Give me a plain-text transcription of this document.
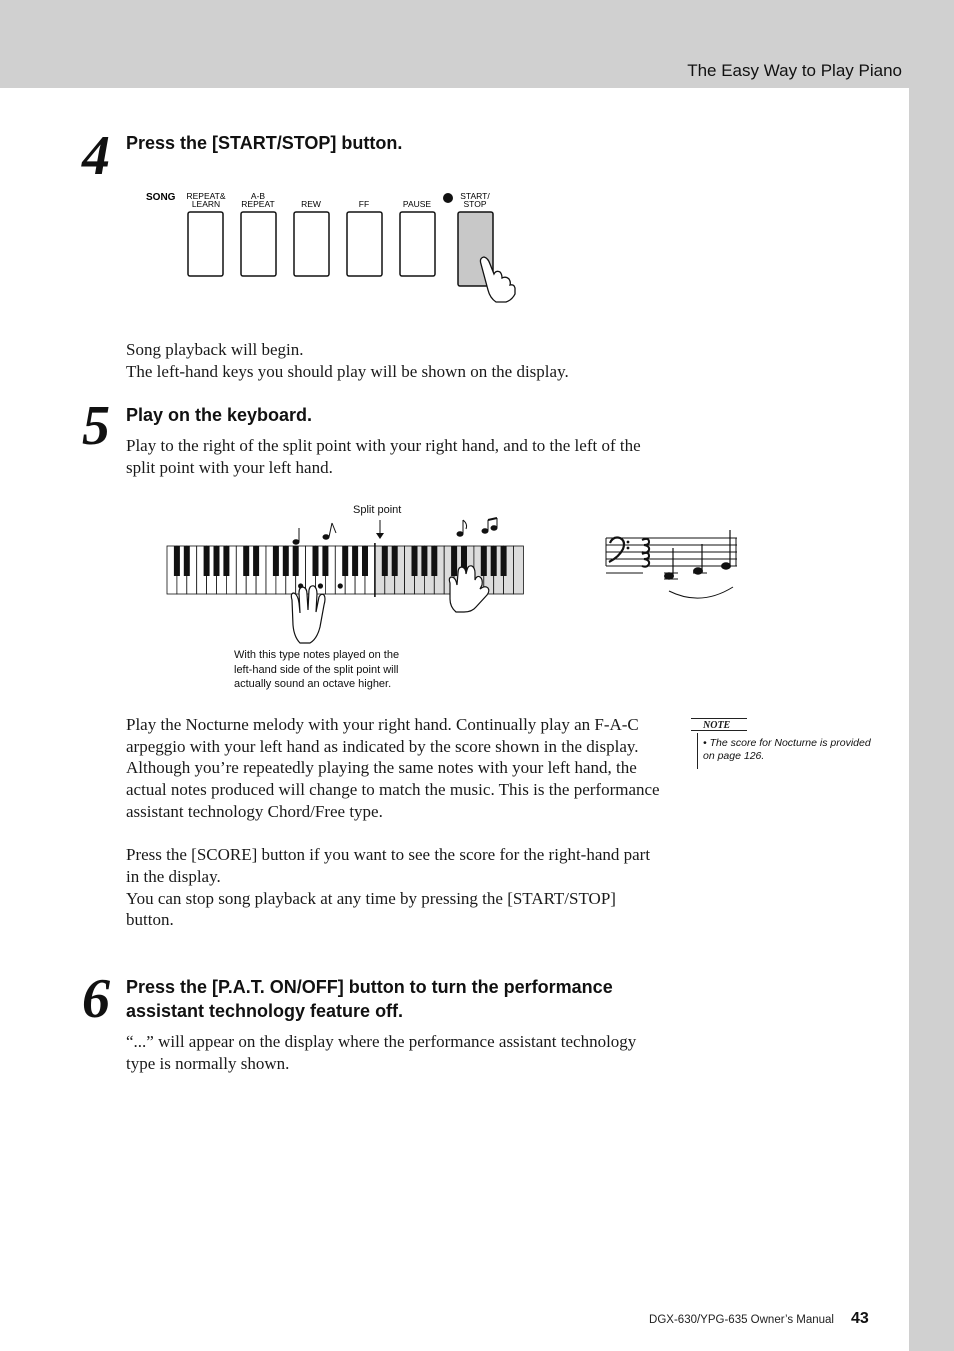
The Easy Way to Play Piano
4 Press the [START/STOP] button.
SONG REPEAT&
LEARN
A-B
REPEAT	REW	FF	PAUSE
START/
STOP

Song playback will begin.

The left-hand keys you should play will be shown on the display.

5 Play on the keyboard.
Play to the right of the split point with your right hand, and to the left of the split point with your left hand.
Split point
With this type notes played on the
left-hand side of the split point will
actually sound an octave higher.

Play the Nocturne melody with your right hand. Continually play an F-A-C arpeggio with your left hand as indicated by the score shown in the display. Although you’re repeatedly playing the same notes with your left hand, the actual notes produced will change to match the music. This is the performance assistant technology Chord/Free type.

Press the [SCORE] button if you want to see the score for the right-hand part in the display.

You can stop song playback at any time by pressing the [START/STOP] button.

NOTE
• The score for Nocturne is provided on page 126.
6 Press the [P.A.T. ON/OFF] button to turn the performance assistant technology feature off.
“...” will appear on the display where the performance assistant technology type is normally shown.
DGX-630/YPG-635 Owner’s Manual 43
